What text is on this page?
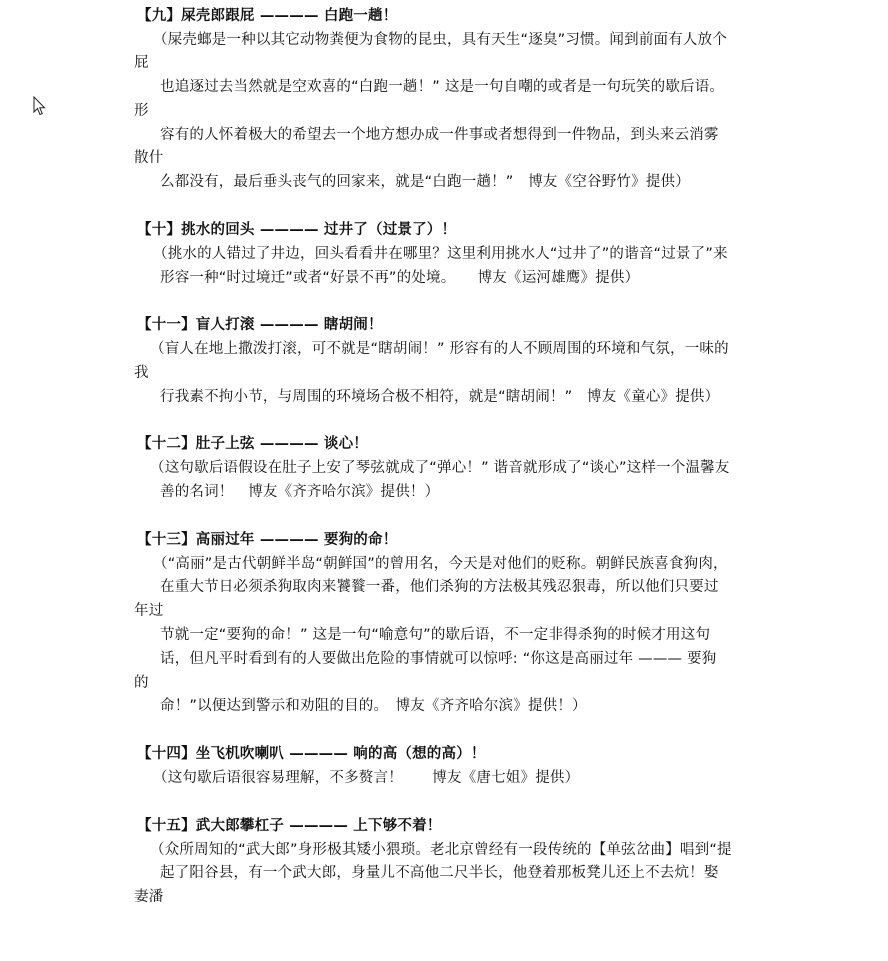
【九】屎壳郎跟屁 ———— 白跑一趟！
（屎壳螂是一种以其它动物粪便为食物的昆虫，具有天生“逐臭”习惯。闻到前面有人放个
屁
也追逐过去当然就是空欢喜的“白跑一趟！” 这是一句自嘲的或者是一句玩笑的歇后语。
形
容有的人怀着极大的希望去一个地方想办成一件事或者想得到一件物品，到头来云消雾
散什
么都没有，最后垂头丧气的回家来，就是“白跑一趟！”　博友《空谷野竹》提供）
【十】挑水的回头 ———— 过井了（过景了）！
（挑水的人错过了井边，回头看看井在哪里？这里利用挑水人“过井了”的谐音“过景了”来
形容一种“时过境迁”或者“好景不再”的处境。　　博友《运河雄鹰》提供）
【十一】盲人打滚 ———— 瞎胡闹！
（盲人在地上撒泼打滚，可不就是“瞎胡闹！” 形容有的人不顾周围的环境和气氛，一味的
我
行我素不拘小节，与周围的环境场合极不相符，就是“瞎胡闹！”　博友《童心》提供）
【十二】肚子上弦 ———— 谈心！
（这句歇后语假设在肚子上安了琴弦就成了“弹心！” 谐音就形成了“谈心”这样一个温馨友
善的名词！　博友《齐齐哈尔滨》提供！）
【十三】高丽过年 ———— 要狗的命！
（“高丽”是古代朝鲜半岛“朝鲜国”的曾用名，今天是对他们的贬称。朝鲜民族喜食狗肉，
在重大节日必须杀狗取肉来饕餮一番，他们杀狗的方法极其残忍狠毒，所以他们只要过
年过
节就一定“要狗的命！” 这是一句“喻意句”的歇后语，不一定非得杀狗的时候才用这句
话，但凡平时看到有的人要做出危险的事情就可以惊呼: “你这是高丽过年 ——— 要狗
的
命！”以便达到警示和劝阻的目的。　博友《齐齐哈尔滨》提供！）
【十四】坐飞机吹喇叭 ———— 响的高（想的高）！
（这句歇后语很容易理解，不多赘言！　　博友《唐七姐》提供）
【十五】武大郎攀杠子 ———— 上下够不着！
（众所周知的“武大郎”身形极其矮小猥琐。老北京曾经有一段传统的【单弦岔曲】唱到“提
起了阳谷县，有一个武大郎，身量儿不高他二尺半长，他登着那板凳儿还上不去炕！娶
妻潘
